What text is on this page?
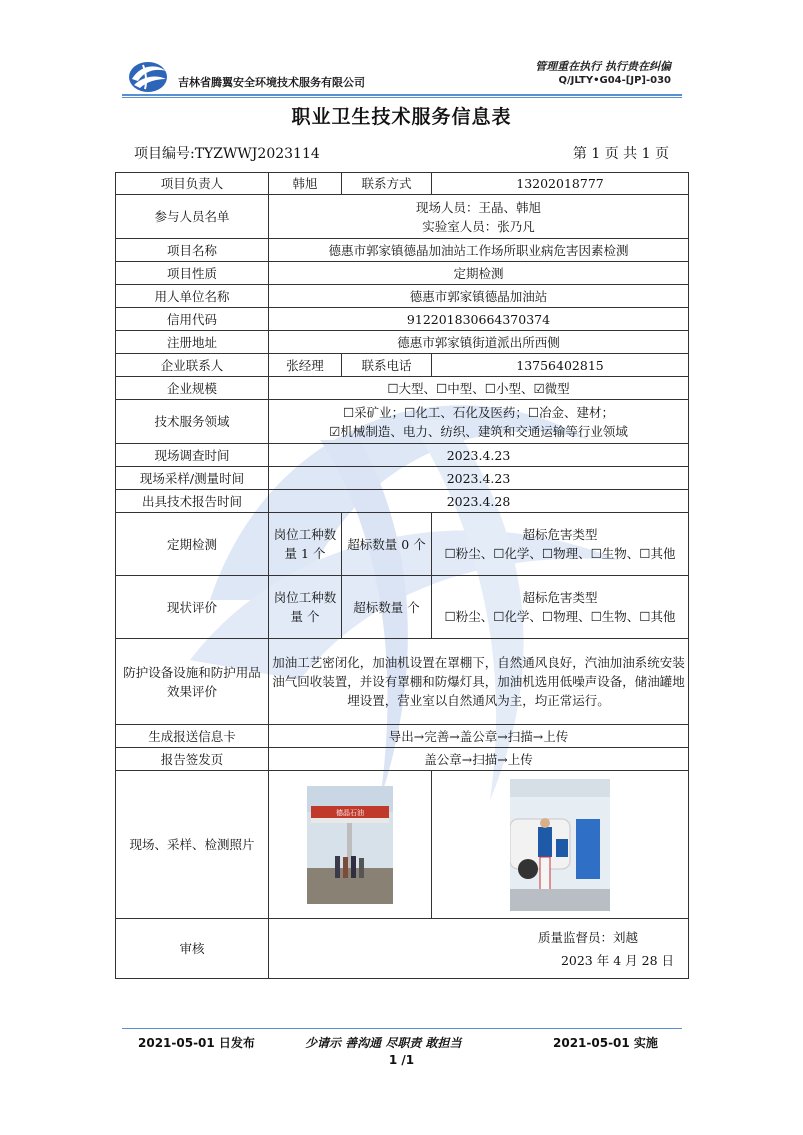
吉林省腾翼安全环境技术服务有限公司
管理重在执行 执行贵在纠偏
Q/JLTY•G04-[JP]-030
职业卫生技术服务信息表
项目编号:TYZWWJ2023114	第 1 页 共 1 页
项目负责人	韩旭	联系方式	13202018777
参与人员名单	现场人员：王晶、韩旭
实验室人员：张乃凡		

项目名称	德惠市郭家镇德晶加油站工作场所职业病危害因素检测		
项目性质	定期检测		
用人单位名称	德惠市郭家镇德晶加油站		
信用代码	912201830664370374		
注册地址	德惠市郭家镇街道派出所西侧		
企业联系人	张经理	联系电话	13756402815
企业规模	☐大型、☐中型、☐小型、☑微型		
技术服务领域	☐采矿业；☐化工、石化及医药；☐冶金、建材；
☑机械制造、电力、纺织、建筑和交通运输等行业领域		

现场调查时间	2023.4.23		
现场采样/测量时间	2023.4.23		
出具技术报告时间	2023.4.28		
定期检测	岗位工种数量 1 个	超标数量 0 个	超标危害类型
☐粉尘、☐化学、☐物理、☐生物、☐其他

现状评价	岗位工种数量 个	超标数量 个	超标危害类型
☐粉尘、☐化学、☐物理、☐生物、☐其他

防护设备设施和防护用品效果评价	加油工艺密闭化，加油机设置在罩棚下，自然通风良好，汽油加油系统安装油气回收装置，并设有罩棚和防爆灯具，加油机选用低噪声设备，储油罐地埋设置，营业室以自然通风为主，均正常运行。		
生成报送信息卡	导出→完善→盖公章→扫描→上传		
报告签发页	盖公章→扫描→上传		
现场、采样、检测照片	德晶石油

审核	质量监督员：刘越
2023 年 4 月 28 日		
2021-05-01 日发布	少请示 善沟通 尽职责 敢担当	2021-05-01 实施
1 /1
